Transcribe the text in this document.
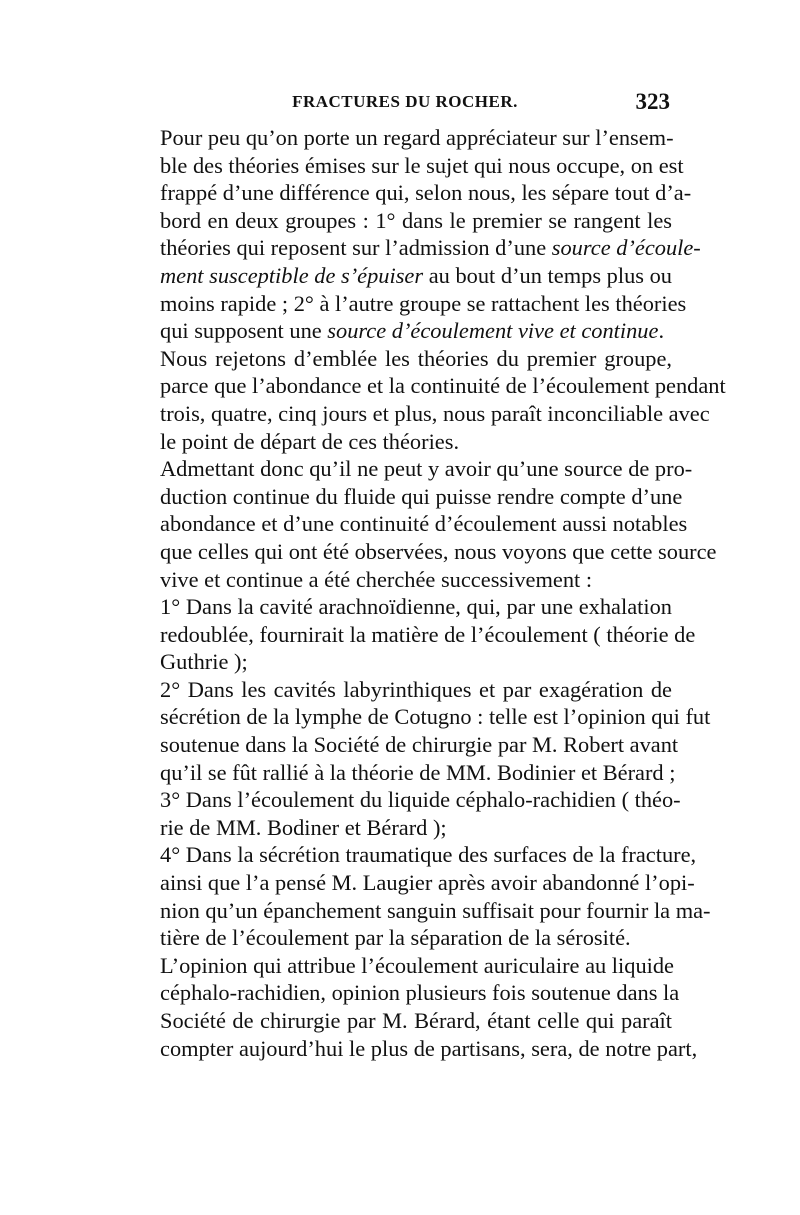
FRACTURES DU ROCHER.	323

Pour peu qu’on porte un regard appréciateur sur l’ensem-
ble des théories émises sur le sujet qui nous occupe, on est
frappé d’une différence qui, selon nous, les sépare tout d’a-
bord en deux groupes : 1° dans le premier se rangent les
théories qui reposent sur l’admission d’une source d’écoule-
ment susceptible de s’épuiser au bout d’un temps plus ou
moins rapide ; 2° à l’autre groupe se rattachent les théories
qui supposent une source d’écoulement vive et continue.

Nous rejetons d’emblée les théories du premier groupe,
parce que l’abondance et la continuité de l’écoulement pendant
trois, quatre, cinq jours et plus, nous paraît inconciliable avec
le point de départ de ces théories.

Admettant donc qu’il ne peut y avoir qu’une source de pro-
duction continue du fluide qui puisse rendre compte d’une
abondance et d’une continuité d’écoulement aussi notables
que celles qui ont été observées, nous voyons que cette source
vive et continue a été cherchée successivement :

1° Dans la cavité arachnoïdienne, qui, par une exhalation
redoublée, fournirait la matière de l’écoulement ( théorie de
Guthrie );

2° Dans les cavités labyrinthiques et par exagération de
sécrétion de la lymphe de Cotugno : telle est l’opinion qui fut
soutenue dans la Société de chirurgie par M. Robert avant
qu’il se fût rallié à la théorie de MM. Bodinier et Bérard ;

3° Dans l’écoulement du liquide céphalo-rachidien ( théo-
rie de MM. Bodiner et Bérard );

4° Dans la sécrétion traumatique des surfaces de la fracture,
ainsi que l’a pensé M. Laugier après avoir abandonné l’opi-
nion qu’un épanchement sanguin suffisait pour fournir la ma-
tière de l’écoulement par la séparation de la sérosité.

L’opinion qui attribue l’écoulement auriculaire au liquide
céphalo-rachidien, opinion plusieurs fois soutenue dans la
Société de chirurgie par M. Bérard, étant celle qui paraît
compter aujourd’hui le plus de partisans, sera, de notre part,
